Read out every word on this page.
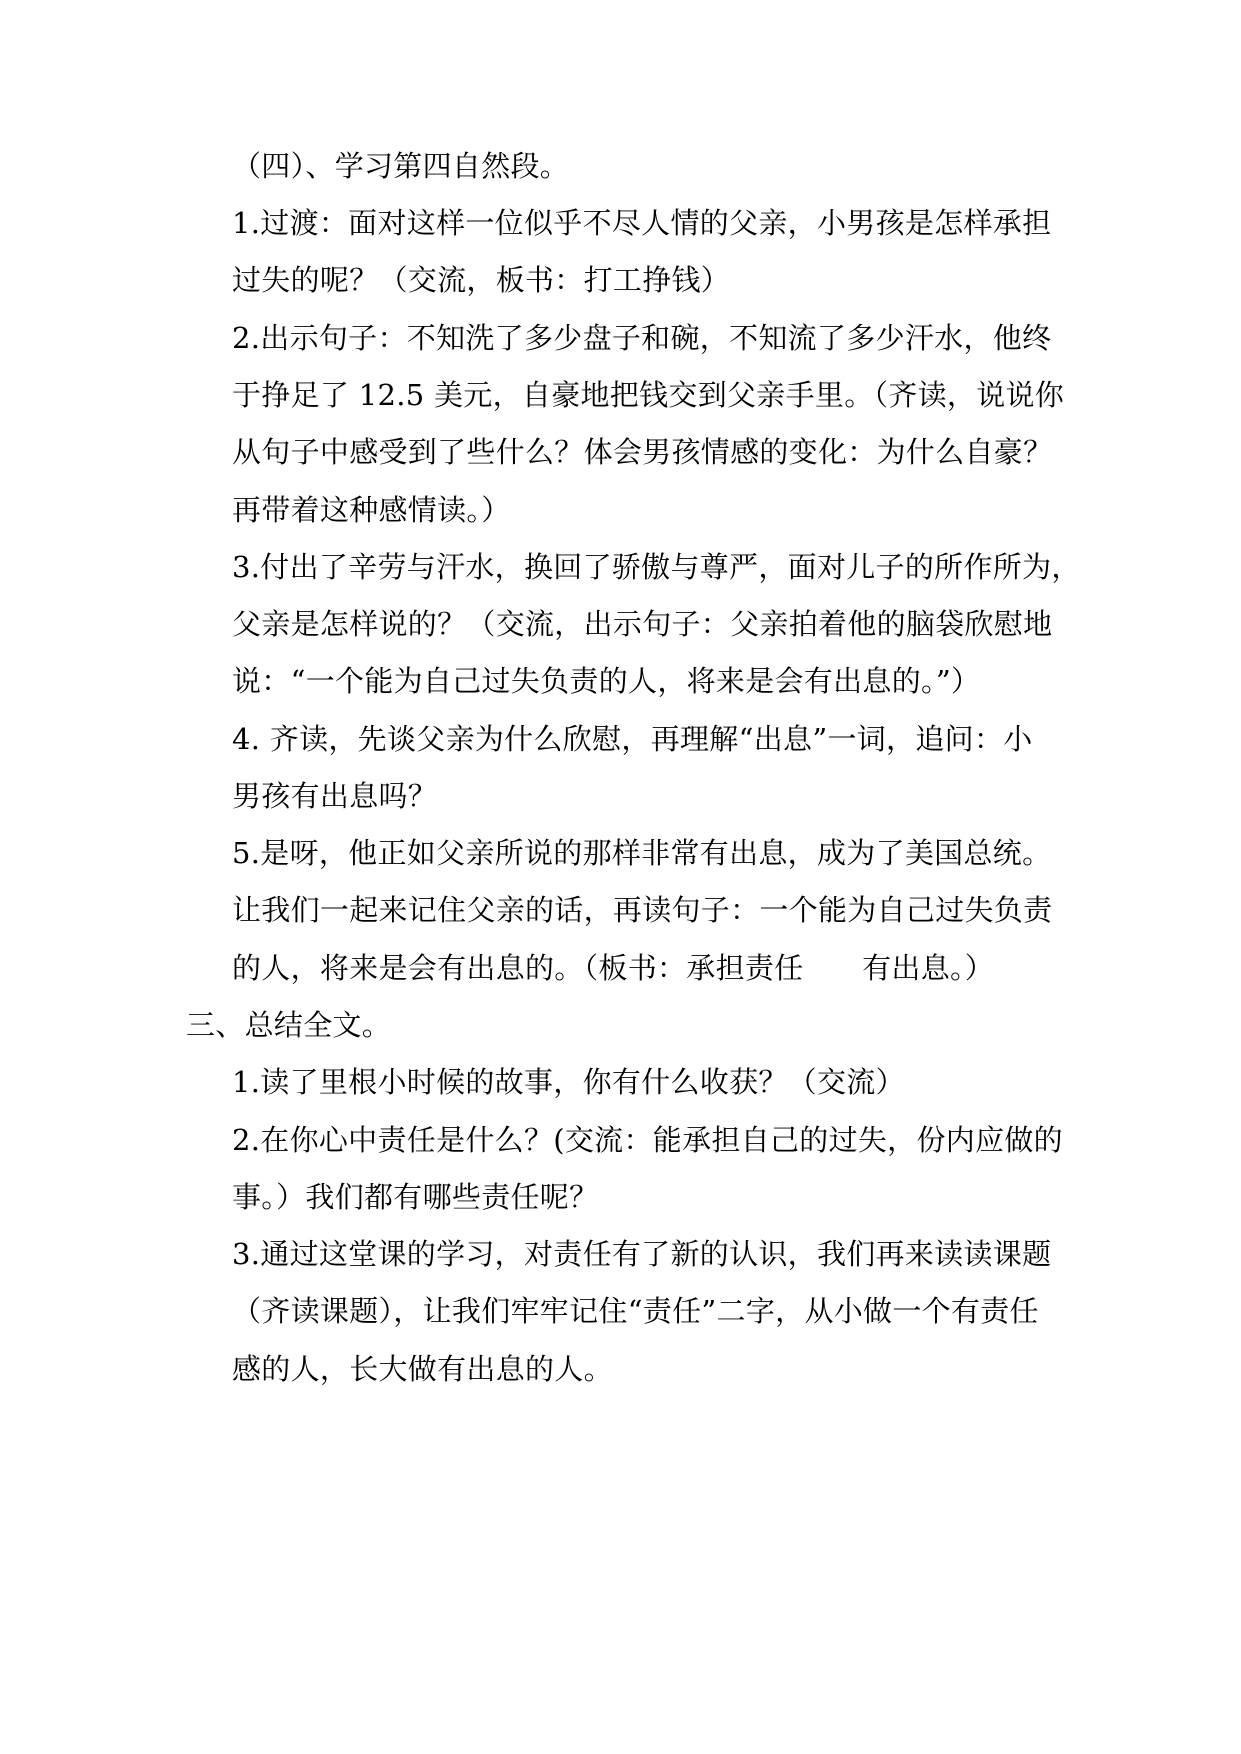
（四）、学习第四自然段。
1.过渡：面对这样一位似乎不尽人情的父亲，小男孩是怎样承担
过失的呢？（交流，板书：打工挣钱）
2.出示句子：不知洗了多少盘子和碗，不知流了多少汗水，他终
于挣足了 12.5 美元，自豪地把钱交到父亲手里。（齐读，说说你
从句子中感受到了些什么？体会男孩情感的变化：为什么自豪？
再带着这种感情读。）
3.付出了辛劳与汗水，换回了骄傲与尊严，面对儿子的所作所为，
父亲是怎样说的？（交流，出示句子：父亲拍着他的脑袋欣慰地
说：“一个能为自己过失负责的人，将来是会有出息的。”）
4. 齐读，先谈父亲为什么欣慰，再理解“出息”一词，追问：小
男孩有出息吗？
5.是呀，他正如父亲所说的那样非常有出息，成为了美国总统。
让我们一起来记住父亲的话，再读句子：一个能为自己过失负责
的人，将来是会有出息的。（板书：承担责任　　有出息。）
三、总结全文。
1.读了里根小时候的故事，你有什么收获？（交流）
2.在你心中责任是什么？(交流：能承担自己的过失，份内应做的
事。）我们都有哪些责任呢？
3.通过这堂课的学习，对责任有了新的认识，我们再来读读课题
（齐读课题），让我们牢牢记住“责任”二字，从小做一个有责任
感的人，长大做有出息的人。
